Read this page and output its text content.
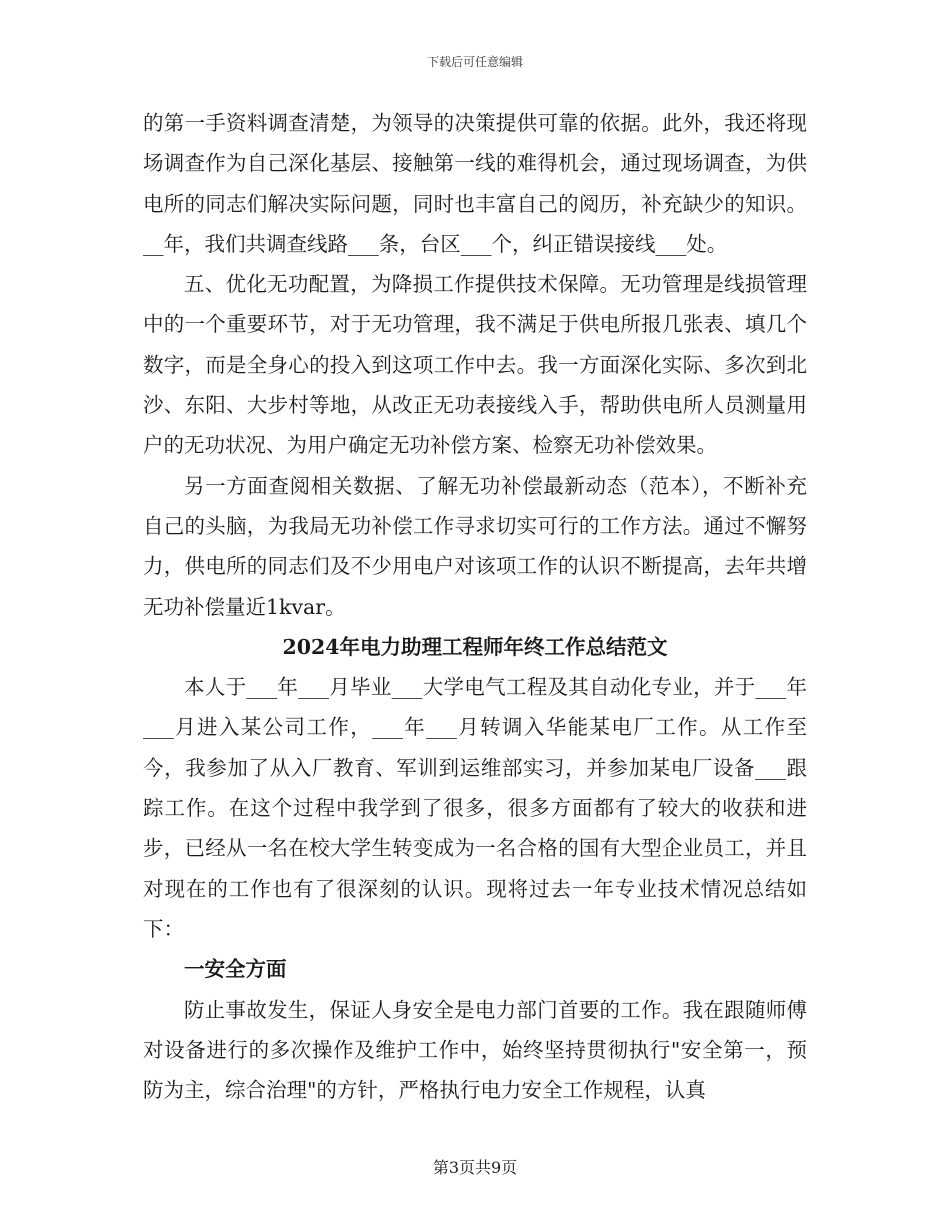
下载后可任意编辑

的第一手资料调查清楚，为领导的决策提供可靠的依据。此外，我还将现场调查作为自己深化基层、接触第一线的难得机会，通过现场调查，为供电所的同志们解决实际问题，同时也丰富自己的阅历，补充缺少的知识。__年，我们共调查线路___条，台区___个，纠正错误接线___处。

五、优化无功配置，为降损工作提供技术保障。无功管理是线损管理中的一个重要环节，对于无功管理，我不满足于供电所报几张表、填几个数字，而是全身心的投入到这项工作中去。我一方面深化实际、多次到北沙、东阳、大步村等地，从改正无功表接线入手，帮助供电所人员测量用户的无功状况、为用户确定无功补偿方案、检察无功补偿效果。

另一方面查阅相关数据、了解无功补偿最新动态（范本），不断补充自己的头脑，为我局无功补偿工作寻求切实可行的工作方法。通过不懈努力，供电所的同志们及不少用电户对该项工作的认识不断提高，去年共增无功补偿量近1kvar。

2024年电力助理工程师年终工作总结范文

本人于___年___月毕业___大学电气工程及其自动化专业，并于___年___月进入某公司工作，___年___月转调入华能某电厂工作。从工作至今，我参加了从入厂教育、军训到运维部实习，并参加某电厂设备___跟踪工作。在这个过程中我学到了很多，很多方面都有了较大的收获和进步，已经从一名在校大学生转变成为一名合格的国有大型企业员工，并且对现在的工作也有了很深刻的认识。现将过去一年专业技术情况总结如下：

一安全方面

防止事故发生，保证人身安全是电力部门首要的工作。我在跟随师傅对设备进行的多次操作及维护工作中，始终坚持贯彻执行"安全第一，预防为主，综合治理"的方针，严格执行电力安全工作规程，认真

第3页共9页
